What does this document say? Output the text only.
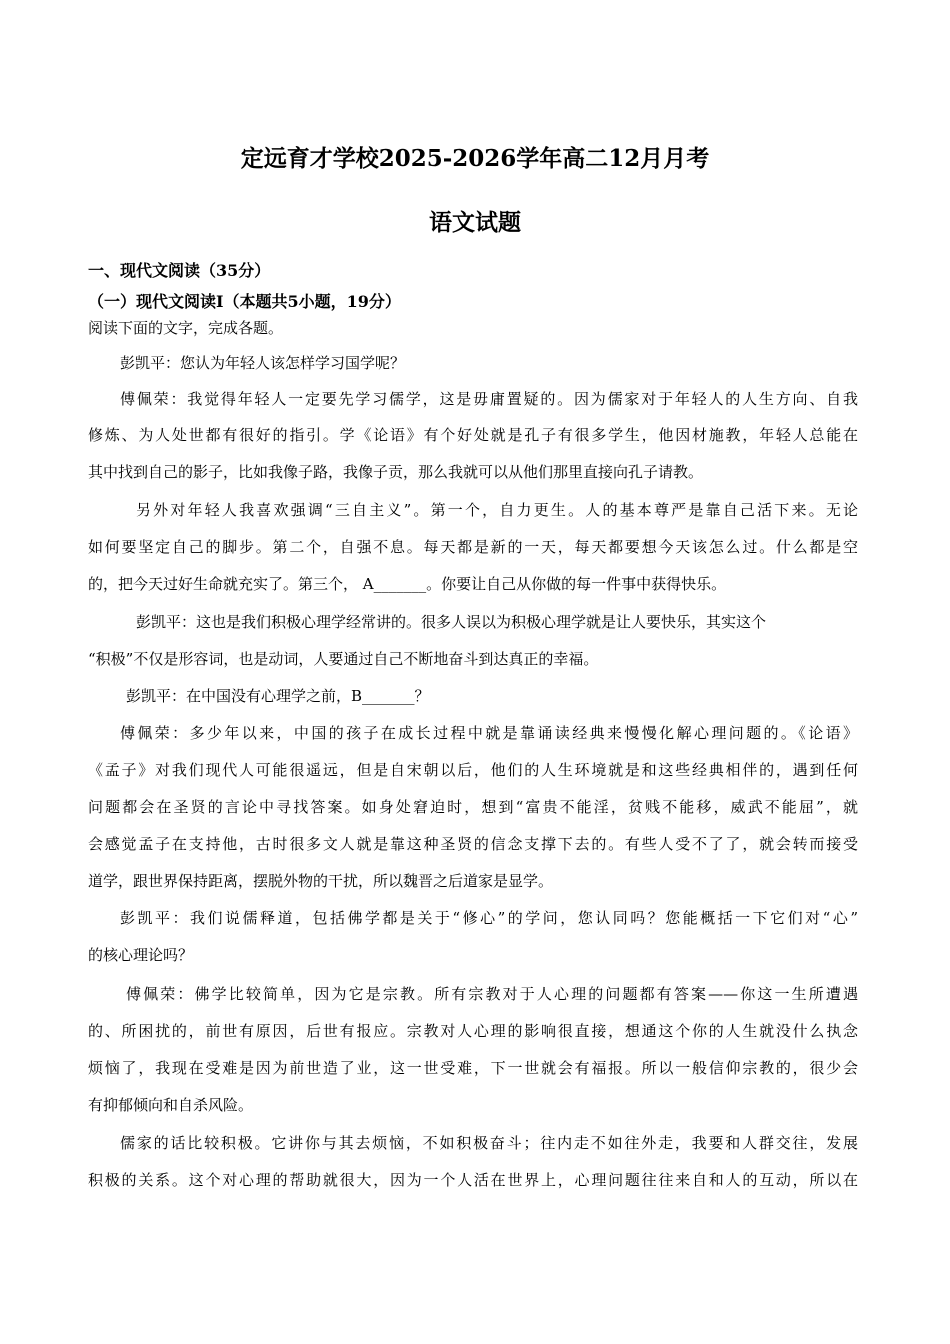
定远育才学校2025-2026学年高二12月月考
语文试题
一、现代文阅读（35分）
（一）现代文阅读Ⅰ（本题共5小题，19分）
阅读下面的文字，完成各题。
彭凯平：您认为年轻人该怎样学习国学呢？
傅佩荣：我觉得年轻人一定要先学习儒学，这是毋庸置疑的。因为儒家对于年轻人的人生方向、自我
修炼、为人处世都有很好的指引。学《论语》有个好处就是孔子有很多学生，他因材施教，年轻人总能在
其中找到自己的影子，比如我像子路，我像子贡，那么我就可以从他们那里直接向孔子请教。
另外对年轻人我喜欢强调“三自主义”。第一个，自力更生。人的基本尊严是靠自己活下来。无论
如何要坚定自己的脚步。第二个，自强不息。每天都是新的一天，每天都要想今天该怎么过。什么都是空
的，把今天过好生命就充实了。第三个， A_______。你要让自己从你做的每一件事中获得快乐。
彭凯平：这也是我们积极心理学经常讲的。很多人误以为积极心理学就是让人要快乐，其实这个
“积极”不仅是形容词，也是动词，人要通过自己不断地奋斗到达真正的幸福。
彭凯平：在中国没有心理学之前，B_______？
傅佩荣：多少年以来，中国的孩子在成长过程中就是靠诵读经典来慢慢化解心理问题的。《论语》
《孟子》对我们现代人可能很遥远，但是自宋朝以后，他们的人生环境就是和这些经典相伴的，遇到任何
问题都会在圣贤的言论中寻找答案。如身处窘迫时，想到“富贵不能淫，贫贱不能移，威武不能屈”，就
会感觉孟子在支持他，古时很多文人就是靠这种圣贤的信念支撑下去的。有些人受不了了，就会转而接受
道学，跟世界保持距离，摆脱外物的干扰，所以魏晋之后道家是显学。
彭凯平：我们说儒释道，包括佛学都是关于“修心”的学问，您认同吗？您能概括一下它们对“心”
的核心理论吗？
傅佩荣：佛学比较简单，因为它是宗教。所有宗教对于人心理的问题都有答案——你这一生所遭遇
的、所困扰的，前世有原因，后世有报应。宗教对人心理的影响很直接，想通这个你的人生就没什么执念
烦恼了，我现在受难是因为前世造了业，这一世受难，下一世就会有福报。所以一般信仰宗教的，很少会
有抑郁倾向和自杀风险。
儒家的话比较积极。它讲你与其去烦恼，不如积极奋斗；往内走不如往外走，我要和人群交往，发展
积极的关系。这个对心理的帮助就很大，因为一个人活在世界上，心理问题往往来自和人的互动，所以在
